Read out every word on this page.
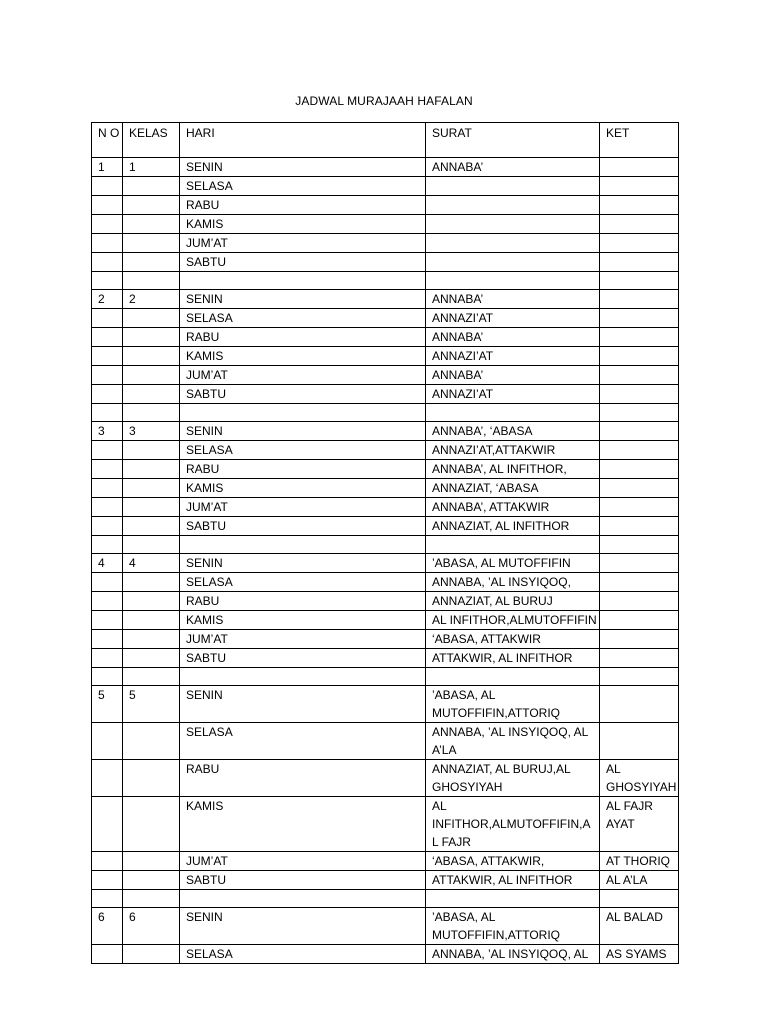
JADWAL MURAJAAH HAFALAN
N O	KELAS	HARI	SURAT	KET
1	1	SENIN	ANNABA’	
		SELASA		
		RABU		
		KAMIS		
		JUM’AT		
		SABTU		

2	2	SENIN	ANNABA’	
		SELASA	ANNAZI’AT	
		RABU	ANNABA’	
		KAMIS	ANNAZI’AT	
		JUM’AT	ANNABA’	
		SABTU	ANNAZI’AT	

3	3	SENIN	ANNABA’, ‘ABASA	
		SELASA	ANNAZI’AT,ATTAKWIR	
		RABU	ANNABA’, AL INFITHOR,	
		KAMIS	ANNAZIAT, ‘ABASA	
		JUM’AT	ANNABA’, ATTAKWIR	
		SABTU	ANNAZIAT, AL INFITHOR	

4	4	SENIN	’ABASA, AL MUTOFFIFIN	
		SELASA	ANNABA, ’AL INSYIQOQ,	
		RABU	ANNAZIAT, AL BURUJ	
		KAMIS	AL INFITHOR,ALMUTOFFIFIN	
		JUM’AT	‘ABASA, ATTAKWIR	
		SABTU	ATTAKWIR, AL INFITHOR	

5	5	SENIN	’ABASA, AL MUTOFFIFIN,ATTORIQ	
		SELASA	ANNABA, ’AL INSYIQOQ, AL A’LA	
		RABU	ANNAZIAT, AL BURUJ,AL GHOSYIYAH	AL GHOSYIYAH
		KAMIS	AL INFITHOR,ALMUTOFFIFIN,A L FAJR	AL FAJR AYAT
		JUM’AT	‘ABASA, ATTAKWIR,	AT THORIQ
		SABTU	ATTAKWIR, AL INFITHOR	AL A’LA

6	6	SENIN	’ABASA, AL MUTOFFIFIN,ATTORIQ	AL BALAD
		SELASA	ANNABA, ’AL INSYIQOQ, AL	AS SYAMS
